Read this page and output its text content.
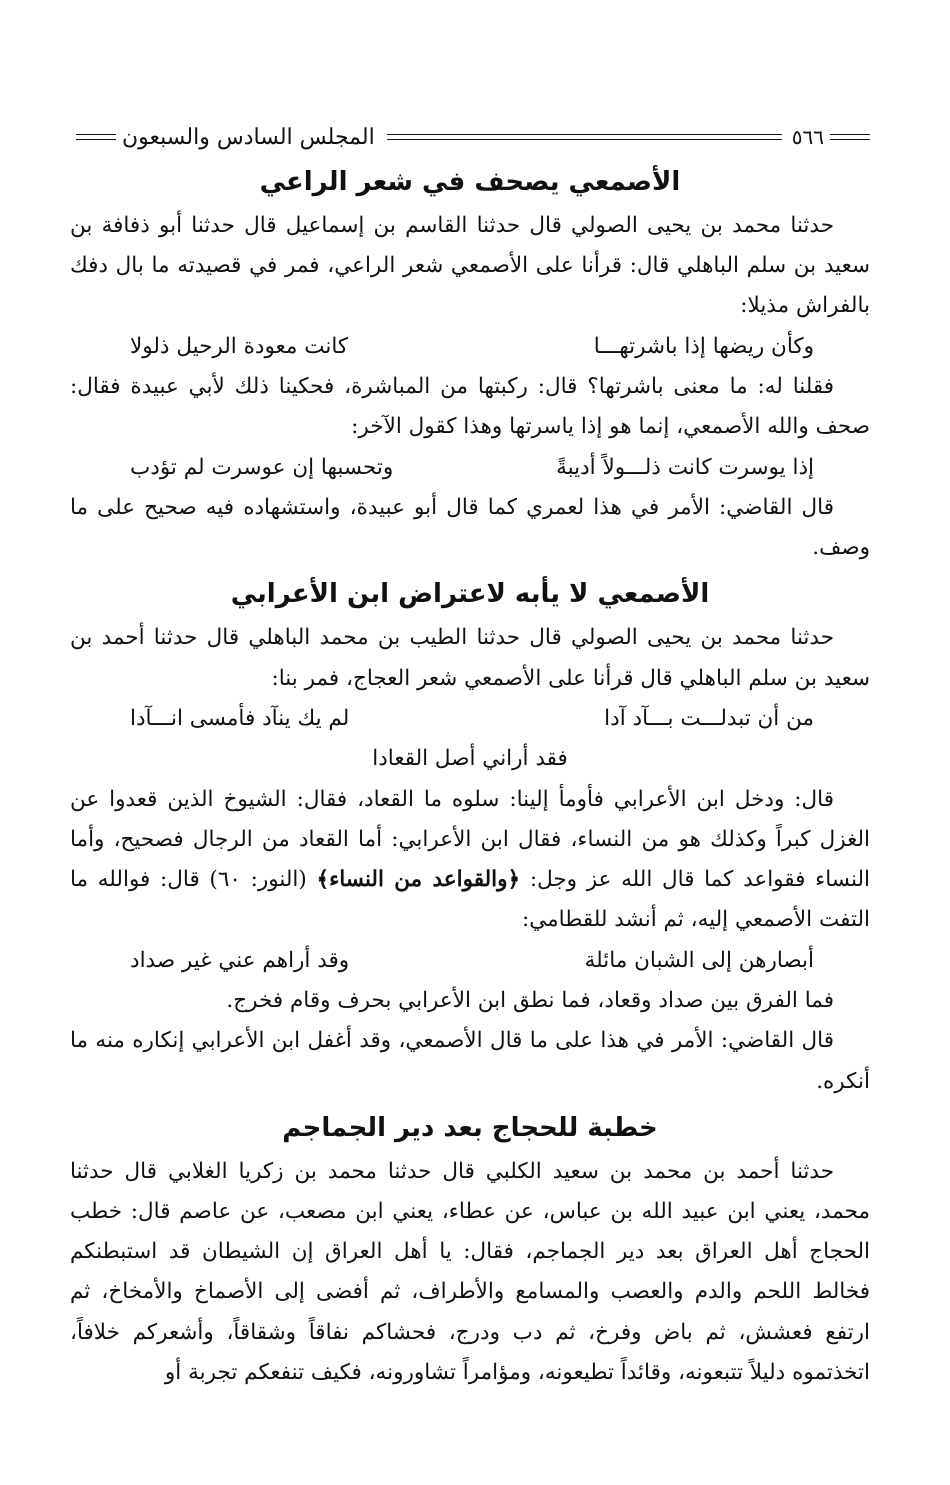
٥٦٦
المجلس السادس والسبعون
الأصمعي يصحف في شعر الراعي

حدثنا محمد بن يحيى الصولي قال حدثنا القاسم بن إسماعيل قال حدثنا أبو ذفافة بن سعيد بن سلم الباهلي قال: قرأنا على الأصمعي شعر الراعي، فمر في قصيدته ما بال دفك بالفراش مذيلا:

وكأن ريضها إذا باشرتهـــا
كانت معودة الرحيل ذلولا

فقلنا له: ما معنى باشرتها؟ قال: ركبتها من المباشرة، فحكينا ذلك لأبي عبيدة فقال: صحف والله الأصمعي، إنما هو إذا ياسرتها وهذا كقول الآخر:

إذا يوسرت كانت ذلـــولاً أديبةً
وتحسبها إن عوسرت لم تؤدب

قال القاضي: الأمر في هذا لعمري كما قال أبو عبيدة، واستشهاده فيه صحيح على ما وصف.

الأصمعي لا يأبه لاعتراض ابن الأعرابي

حدثنا محمد بن يحيى الصولي قال حدثنا الطيب بن محمد الباهلي قال حدثنا أحمد بن سعيد بن سلم الباهلي قال قرأنا على الأصمعي شعر العجاج، فمر بنا:

من أن تبدلـــت بـــآد آدا
لم يك ينآد فأمسى انـــآدا
فقد أراني أصل القعادا

قال: ودخل ابن الأعرابي فأومأ إلينا: سلوه ما القعاد، فقال: الشيوخ الذين قعدوا عن الغزل كبراً وكذلك هو من النساء، فقال ابن الأعرابي: أما القعاد من الرجال فصحيح، وأما النساء فقواعد كما قال الله عز وجل: ﴿والقواعد من النساء﴾ (النور: ٦٠) قال: فوالله ما التفت الأصمعي إليه، ثم أنشد للقطامي:

أبصارهن إلى الشبان مائلة
وقد أراهم عني غير صداد

فما الفرق بين صداد وقعاد، فما نطق ابن الأعرابي بحرف وقام فخرج.

قال القاضي: الأمر في هذا على ما قال الأصمعي، وقد أغفل ابن الأعرابي إنكاره منه ما أنكره.

خطبة للحجاج بعد دير الجماجم

حدثنا أحمد بن محمد بن سعيد الكلبي قال حدثنا محمد بن زكريا الغلابي قال حدثنا محمد، يعني ابن عبيد الله بن عباس، عن عطاء، يعني ابن مصعب، عن عاصم قال: خطب الحجاج أهل العراق بعد دير الجماجم، فقال: يا أهل العراق إن الشيطان قد استبطنكم فخالط اللحم والدم والعصب والمسامع والأطراف، ثم أفضى إلى الأصماخ والأمخاخ، ثم ارتفع فعشش، ثم باض وفرخ، ثم دب ودرج، فحشاكم نفاقاً وشقاقاً، وأشعركم خلافاً، اتخذتموه دليلاً تتبعونه، وقائداً تطيعونه، ومؤامراً تشاورونه، فكيف تنفعكم تجربة أو
